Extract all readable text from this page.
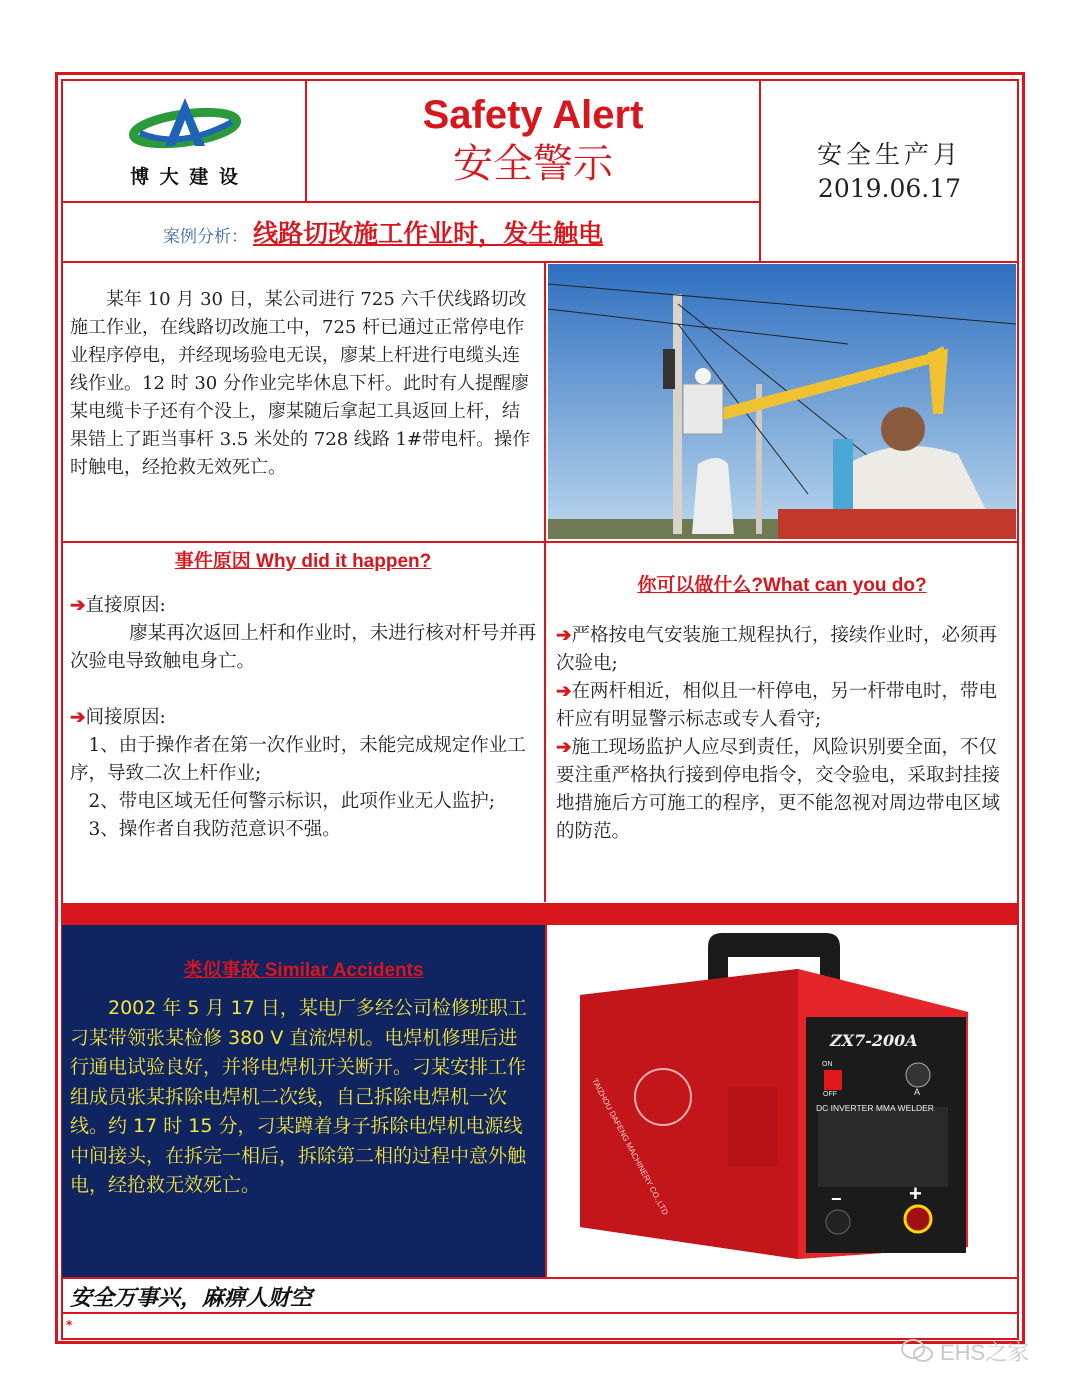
博 大 建 设
Safety Alert
安全警示	安全生产月
2019.06.17
案例分析： 线路切改施工作业时，发生触电
某年 10 月 30 日，某公司进行 725 六千伏线路切改施工作业，在线路切改施工中，725 杆已通过正常停电作业程序停电，并经现场验电无误，廖某上杆进行电缆头连线作业。12 时 30 分作业完毕休息下杆。此时有人提醒廖某电缆卡子还有个没上，廖某随后拿起工具返回上杆，结果错上了距当事杆 3.5 米处的 728 线路 1#带电杆。操作时触电，经抢救无效死亡。
事件原因 Why did it happen?
➔直接原因:
廖某再次返回上杆和作业时，未进行核对杆号并再次验电导致触电身亡。
➔间接原因:
1、由于操作者在第一次作业时，未能完成规定作业工序，导致二次上杆作业;
2、带电区域无任何警示标识，此项作业无人监护;
3、操作者自我防范意识不强。
你可以做什么?What can you do?
➔严格按电气安装施工规程执行，接续作业时，必须再次验电;
➔在两杆相近，相似且一杆停电，另一杆带电时，带电杆应有明显警示标志或专人看守;
➔施工现场监护人应尽到责任，风险识别要全面，不仅要注重严格执行接到停电指令，交令验电，采取封挂接地措施后方可施工的程序，更不能忽视对周边带电区域的防范。
类似事故 Similar Accidents
2002 年 5 月 17 日，某电厂多经公司检修班职工刁某带领张某检修 380 V 直流焊机。电焊机修理后进行通电试验良好，并将电焊机开关断开。刁某安排工作组成员张某拆除电焊机二次线，自己拆除电焊机一次线。约 17 时 15 分，刁某蹲着身子拆除电焊机电源线中间接头，在拆完一相后，拆除第二相的过程中意外触电，经抢救无效死亡。
ZX7-200A
DC INVERTER MMA WELDER
ON
OFF	A
−	+
TAIZHOU DAFENG MACHINERY CO.,LTD
安全万事兴，麻痹人财空
*
EHS之家
